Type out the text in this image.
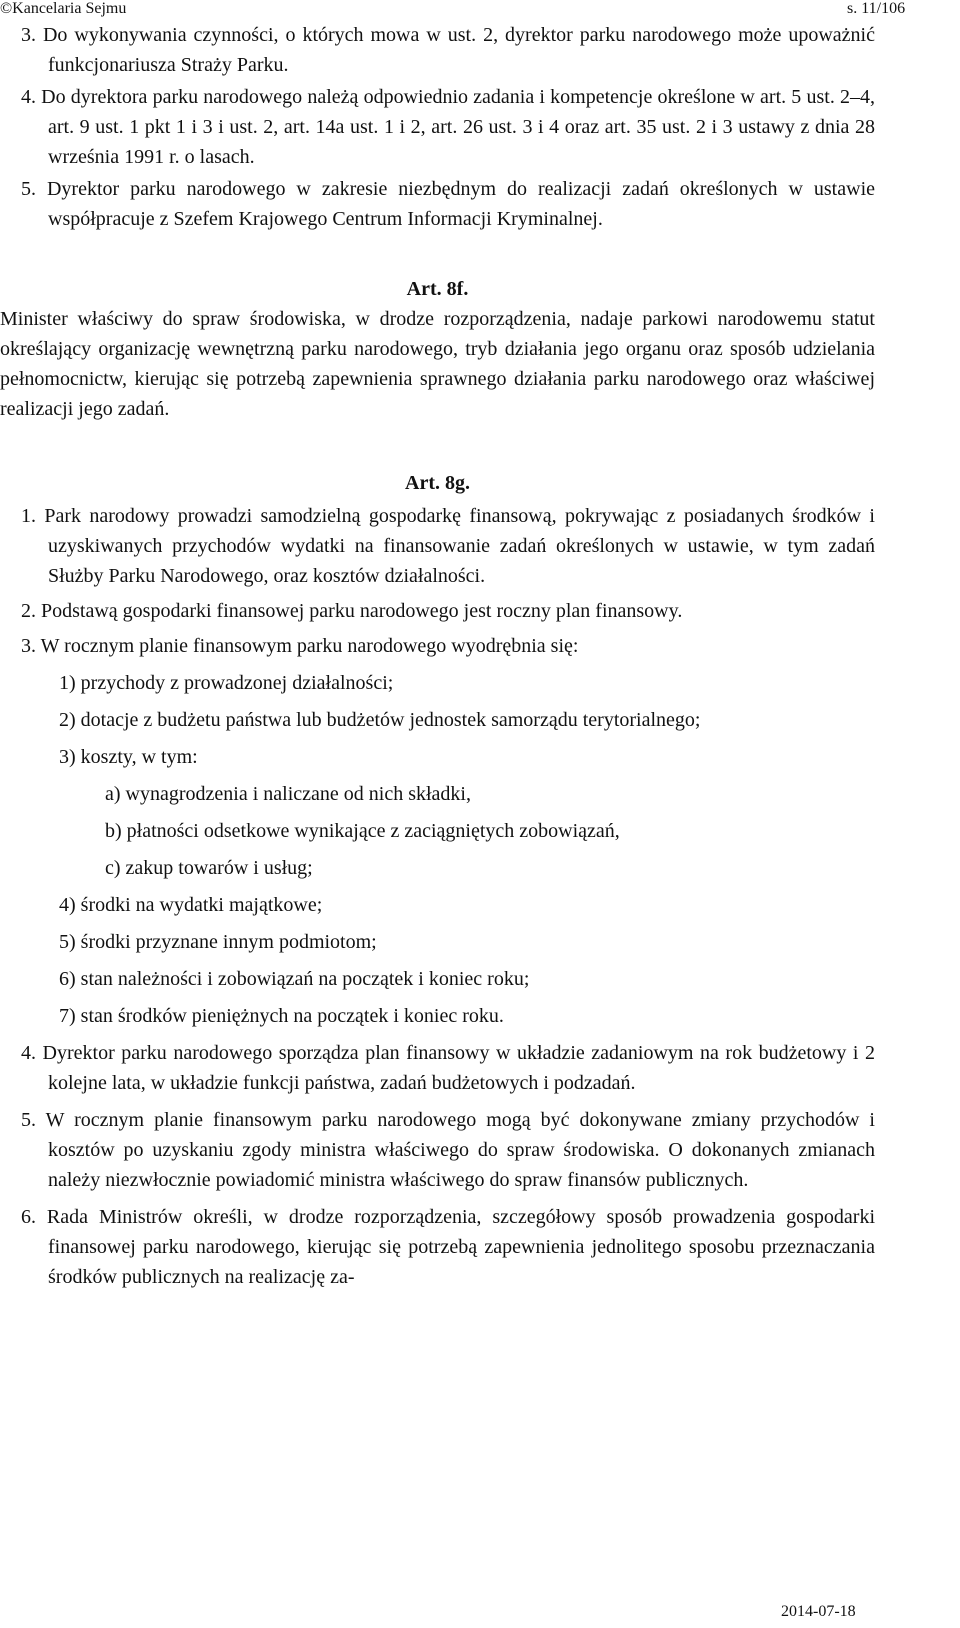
©Kancelaria Sejmu	s. 11/106

3. Do wykonywania czynności, o których mowa w ust. 2, dyrektor parku narodowego może upoważnić funkcjonariusza Straży Parku.

4. Do dyrektora parku narodowego należą odpowiednio zadania i kompetencje określone w art. 5 ust. 2–4, art. 9 ust. 1 pkt 1 i 3 i ust. 2, art. 14a ust. 1 i 2, art. 26 ust. 3 i 4 oraz art. 35 ust. 2 i 3 ustawy z dnia 28 września 1991 r. o lasach.

5. Dyrektor parku narodowego w zakresie niezbędnym do realizacji zadań określonych w ustawie współpracuje z Szefem Krajowego Centrum Informacji Kryminalnej.

Art. 8f.

Minister właściwy do spraw środowiska, w drodze rozporządzenia, nadaje parkowi narodowemu statut określający organizację wewnętrzną parku narodowego, tryb działania jego organu oraz sposób udzielania pełnomocnictw, kierując się potrzebą zapewnienia sprawnego działania parku narodowego oraz właściwej realizacji jego zadań.

Art. 8g.

1. Park narodowy prowadzi samodzielną gospodarkę finansową, pokrywając z posiadanych środków i uzyskiwanych przychodów wydatki na finansowanie zadań określonych w ustawie, w tym zadań Służby Parku Narodowego, oraz kosztów działalności.

2. Podstawą gospodarki finansowej parku narodowego jest roczny plan finansowy.

3. W rocznym planie finansowym parku narodowego wyodrębnia się:

1) przychody z prowadzonej działalności;

2) dotacje z budżetu państwa lub budżetów jednostek samorządu terytorialnego;

3) koszty, w tym:

a) wynagrodzenia i naliczane od nich składki,

b) płatności odsetkowe wynikające z zaciągniętych zobowiązań,

c) zakup towarów i usług;

4) środki na wydatki majątkowe;

5) środki przyznane innym podmiotom;

6) stan należności i zobowiązań na początek i koniec roku;

7) stan środków pieniężnych na początek i koniec roku.

4. Dyrektor parku narodowego sporządza plan finansowy w układzie zadaniowym na rok budżetowy i 2 kolejne lata, w układzie funkcji państwa, zadań budżetowych i podzadań.

5. W rocznym planie finansowym parku narodowego mogą być dokonywane zmiany przychodów i kosztów po uzyskaniu zgody ministra właściwego do spraw środowiska. O dokonanych zmianach należy niezwłocznie powiadomić ministra właściwego do spraw finansów publicznych.

6. Rada Ministrów określi, w drodze rozporządzenia, szczegółowy sposób prowadzenia gospodarki finansowej parku narodowego, kierując się potrzebą zapewnienia jednolitego sposobu przeznaczania środków publicznych na realizację za-

2014-07-18
